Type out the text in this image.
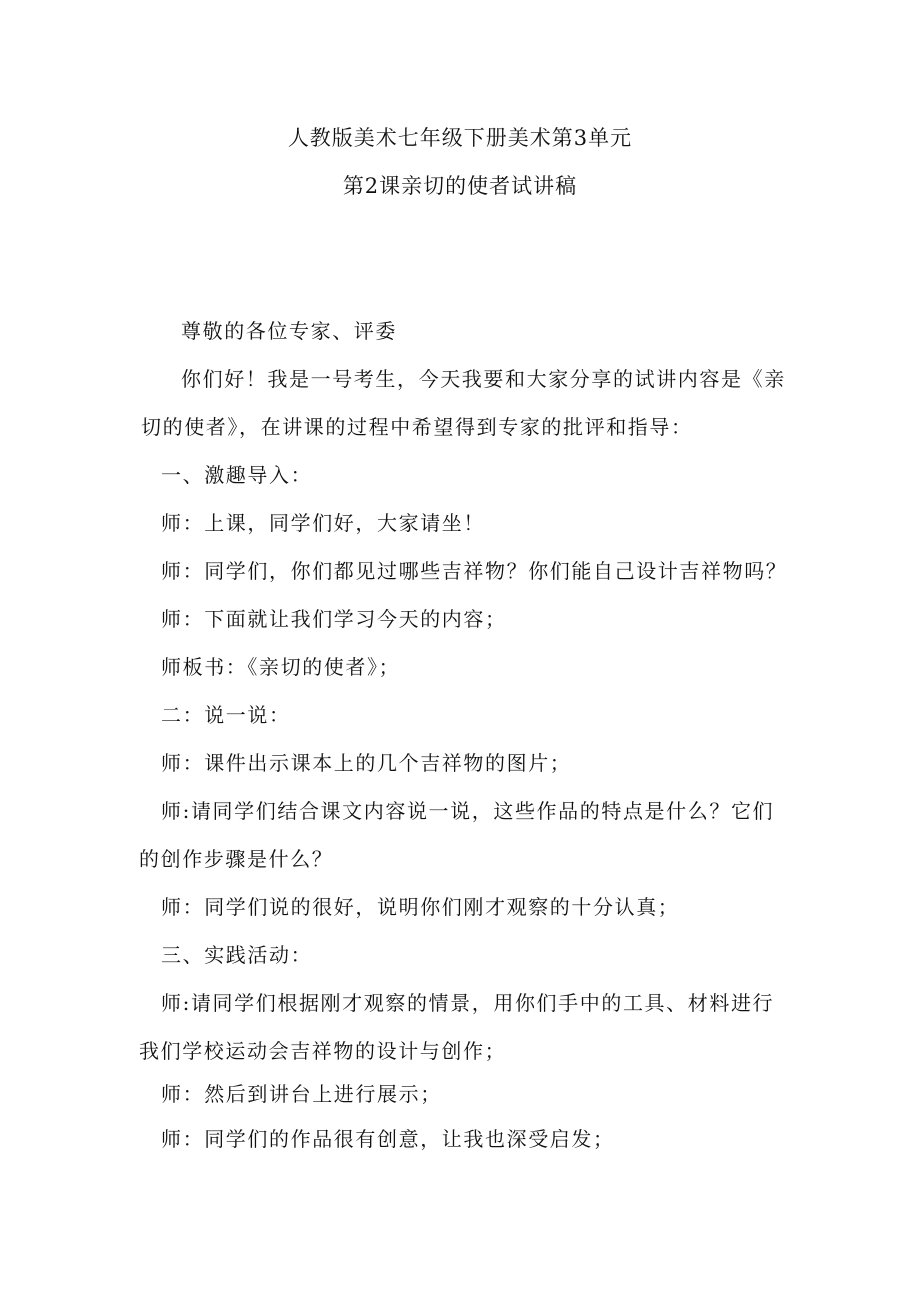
人教版美术七年级下册美术第3单元
第2课亲切的使者试讲稿
尊敬的各位专家、评委
你们好！我是一号考生，今天我要和大家分享的试讲内容是《亲
切的使者》，在讲课的过程中希望得到专家的批评和指导：
一、激趣导入：
师：上课，同学们好，大家请坐！
师：同学们，你们都见过哪些吉祥物？你们能自己设计吉祥物吗？
师：下面就让我们学习今天的内容；
师板书：《亲切的使者》；
二：说一说：
师：课件出示课本上的几个吉祥物的图片；
师:请同学们结合课文内容说一说，这些作品的特点是什么？它们
的创作步骤是什么？
师：同学们说的很好，说明你们刚才观察的十分认真；
三、实践活动：
师:请同学们根据刚才观察的情景，用你们手中的工具、材料进行
我们学校运动会吉祥物的设计与创作；
师：然后到讲台上进行展示；
师：同学们的作品很有创意，让我也深受启发；
